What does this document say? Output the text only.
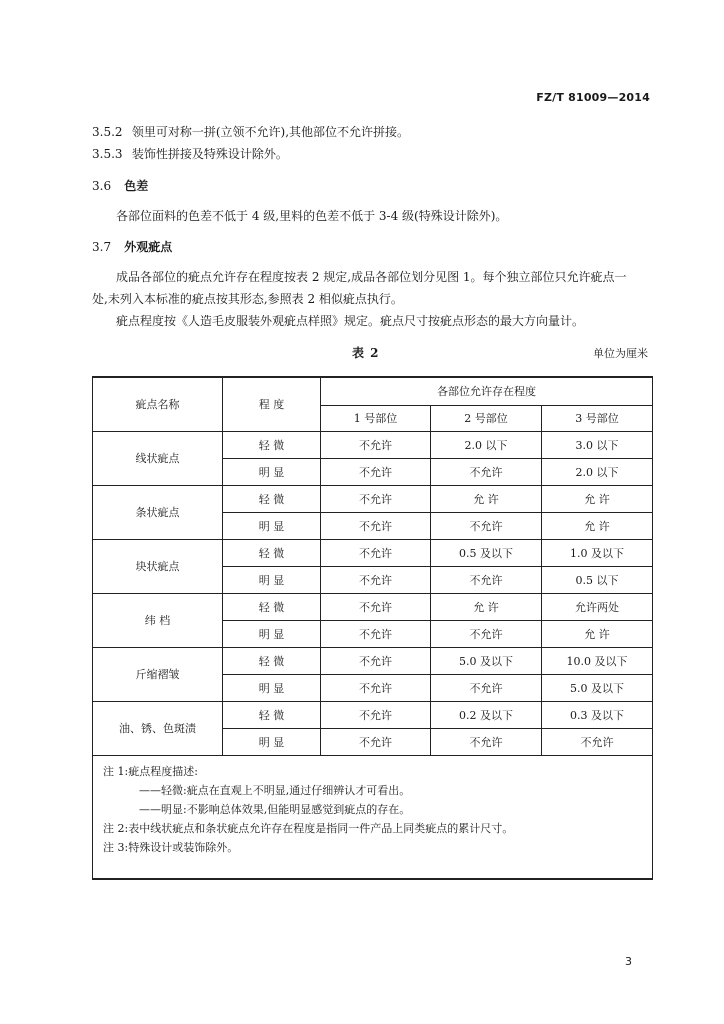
FZ/T 81009—2014
3.5.2 领里可对称一拼(立领不允许),其他部位不允许拼接。
3.5.3 装饰性拼接及特殊设计除外。
3.6 色差
各部位面料的色差不低于 4 级,里料的色差不低于 3-4 级(特殊设计除外)。
3.7 外观疵点
成品各部位的疵点允许存在程度按表 2 规定,成品各部位划分见图 1。每个独立部位只允许疵点一处,未列入本标准的疵点按其形态,参照表 2 相似疵点执行。
疵点程度按《人造毛皮服装外观疵点样照》规定。疵点尺寸按疵点形态的最大方向量计。
表 2	单位为厘米
疵点名称	程 度	各部位允许存在程度		
		1 号部位	2 号部位	3 号部位
线状疵点	轻 微	不允许	2.0 以下	3.0 以下
	明 显	不允许	不允许	2.0 以下
条状疵点	轻 微	不允许	允 许	允 许
	明 显	不允许	不允许	允 许
块状疵点	轻 微	不允许	0.5 及以下	1.0 及以下
	明 显	不允许	不允许	0.5 以下
纬 档	轻 微	不允许	允 许	允许两处
	明 显	不允许	不允许	允 许
斤缩褶皱	轻 微	不允许	5.0 及以下	10.0 及以下
	明 显	不允许	不允许	5.0 及以下
油、锈、色斑渍	轻 微	不允许	0.2 及以下	0.3 及以下
	明 显	不允许	不允许	不允许

注 1:疵点程度描述:
——轻微:疵点在直观上不明显,通过仔细辨认才可看出。
——明显:不影响总体效果,但能明显感觉到疵点的存在。
注 2:表中线状疵点和条状疵点允许存在程度是指同一件产品上同类疵点的累计尺寸。
注 3:特殊设计或装饰除外。				
3
